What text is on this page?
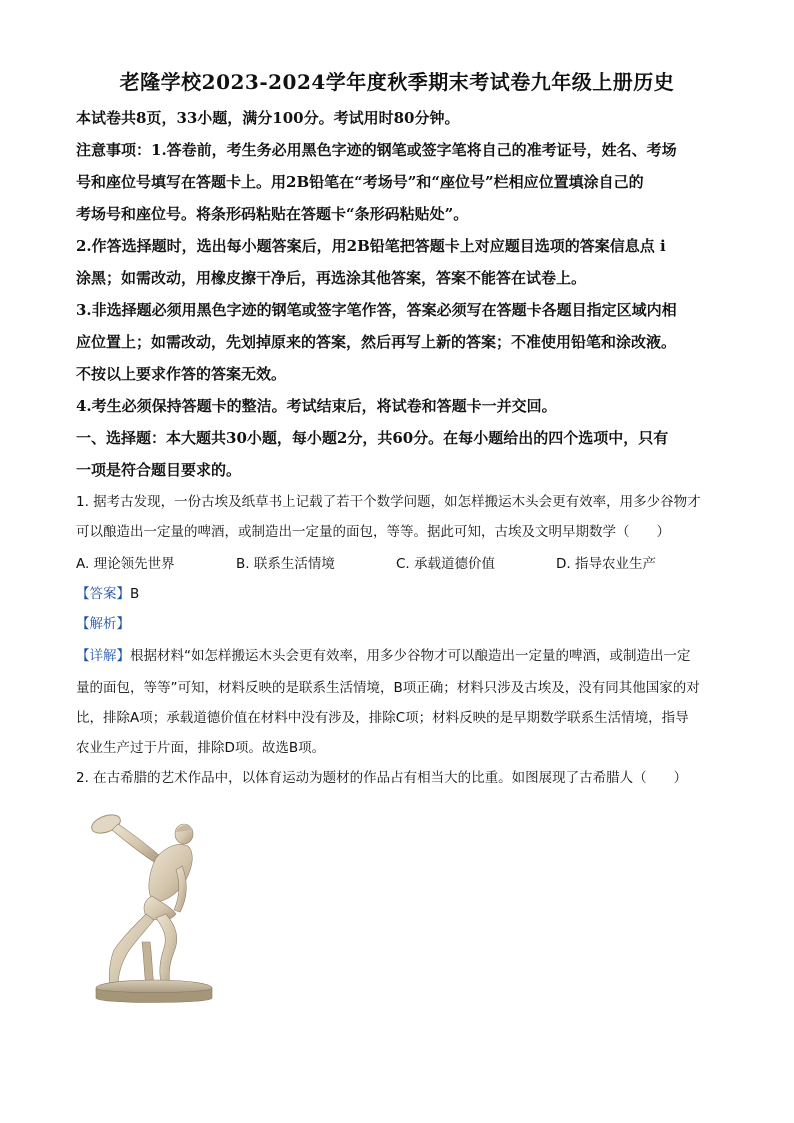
老隆学校2023-2024学年度秋季期末考试卷九年级上册历史
本试卷共8页，33小题，满分100分。考试用时80分钟。
注意事项：1.答卷前，考生务必用黑色字迹的钢笔或签字笔将自己的准考证号，姓名、考场
号和座位号填写在答题卡上。用2B铅笔在“考场号”和“座位号”栏相应位置填涂自己的
考场号和座位号。将条形码粘贴在答题卡“条形码粘贴处”。
2.作答选择题时，选出每小题答案后，用2B铅笔把答题卡上对应题目选项的答案信息点 i
涂黑；如需改动，用橡皮擦干净后，再选涂其他答案，答案不能答在试卷上。
3.非选择题必须用黑色字迹的钢笔或签字笔作答，答案必须写在答题卡各题目指定区域内相
应位置上；如需改动，先划掉原来的答案，然后再写上新的答案；不准使用铅笔和涂改液。
不按以上要求作答的答案无效。
4.考生必须保持答题卡的整洁。考试结束后，将试卷和答题卡一并交回。
一、选择题：本大题共30小题，每小题2分，共60分。在每小题给出的四个选项中，只有
一项是符合题目要求的。
1. 据考古发现，一份古埃及纸草书上记载了若干个数学问题，如怎样搬运木头会更有效率，用多少谷物才
可以酿造出一定量的啤酒，或制造出一定量的面包，等等。据此可知，古埃及文明早期数学（　　）
A. 理论领先世界	B. 联系生活情境	C. 承载道德价值	D. 指导农业生产
【答案】B
【解析】
【详解】根据材料“如怎样搬运木头会更有效率，用多少谷物才可以酿造出一定量的啤酒，或制造出一定
量的面包，等等”可知，材料反映的是联系生活情境，B项正确；材料只涉及古埃及，没有同其他国家的对
比，排除A项；承载道德价值在材料中没有涉及，排除C项；材料反映的是早期数学联系生活情境，指导
农业生产过于片面，排除D项。故选B项。
2. 在古希腊的艺术作品中，以体育运动为题材的作品占有相当大的比重。如图展现了古希腊人（　　）
